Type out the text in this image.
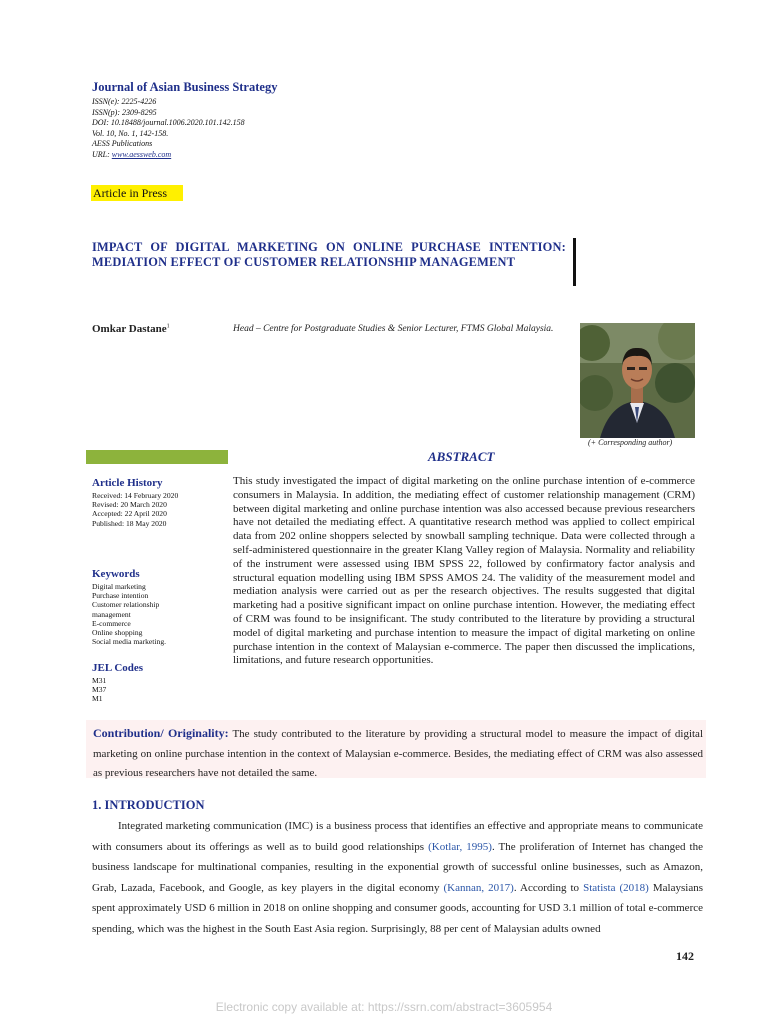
Journal of Asian Business Strategy
ISSN(e): 2225-4226
ISSN(p): 2309-8295
DOI: 10.18488/journal.1006.2020.101.142.158
Vol. 10, No. 1, 142-158.
AESS Publications
URL: www.aessweb.com
Article in Press
IMPACT OF DIGITAL MARKETING ON ONLINE PURCHASE INTENTION: MEDIATION EFFECT OF CUSTOMER RELATIONSHIP MANAGEMENT
Omkar Dastane$^1$	Head – Centre for Postgraduate Studies & Senior Lecturer, FTMS Global Malaysia.
(+ Corresponding author)
ABSTRACT
Article History
Received: 14 February 2020
Revised: 20 March 2020
Accepted: 22 April 2020
Published: 18 May 2020
Keywords
Digital marketing
Purchase intention
Customer relationship
management
E-commerce
Online shopping
Social media marketing.
JEL Codes
M31
M37
M1
This study investigated the impact of digital marketing on the online purchase intention of e-commerce consumers in Malaysia. In addition, the mediating effect of customer relationship management (CRM) between digital marketing and online purchase intention was also accessed because previous researchers have not detailed the mediating effect. A quantitative research method was applied to collect empirical data from 202 online shoppers selected by snowball sampling technique. Data were collected through a self-administered questionnaire in the greater Klang Valley region of Malaysia. Normality and reliability of the instrument were assessed using IBM SPSS 22, followed by confirmatory factor analysis and structural equation modelling using IBM SPSS AMOS 24. The validity of the measurement model and mediation analysis were carried out as per the research objectives. The results suggested that digital marketing had a positive significant impact on online purchase intention. However, the mediating effect of CRM was found to be insignificant. The study contributed to the literature by providing a structural model of digital marketing and purchase intention to measure the impact of digital marketing on online purchase intention in the context of Malaysian e-commerce. The paper then discussed the implications, limitations, and future research opportunities.
Contribution/ Originality: The study contributed to the literature by providing a structural model to measure the impact of digital marketing on online purchase intention in the context of Malaysian e-commerce. Besides, the mediating effect of CRM was also assessed as previous researchers have not detailed the same.
1. INTRODUCTION
Integrated marketing communication (IMC) is a business process that identifies an effective and appropriate means to communicate with consumers about its offerings as well as to build good relationships (Kotlar, 1995). The proliferation of Internet has changed the business landscape for multinational companies, resulting in the exponential growth of successful online businesses, such as Amazon, Grab, Lazada, Facebook, and Google, as key players in the digital economy (Kannan, 2017). According to Statista (2018) Malaysians spent approximately USD 6 million in 2018 on online shopping and consumer goods, accounting for USD 3.1 million of total e-commerce spending, which was the highest in the South East Asia region. Surprisingly, 88 per cent of Malaysian adults owned
142
Electronic copy available at: https://ssrn.com/abstract=3605954
